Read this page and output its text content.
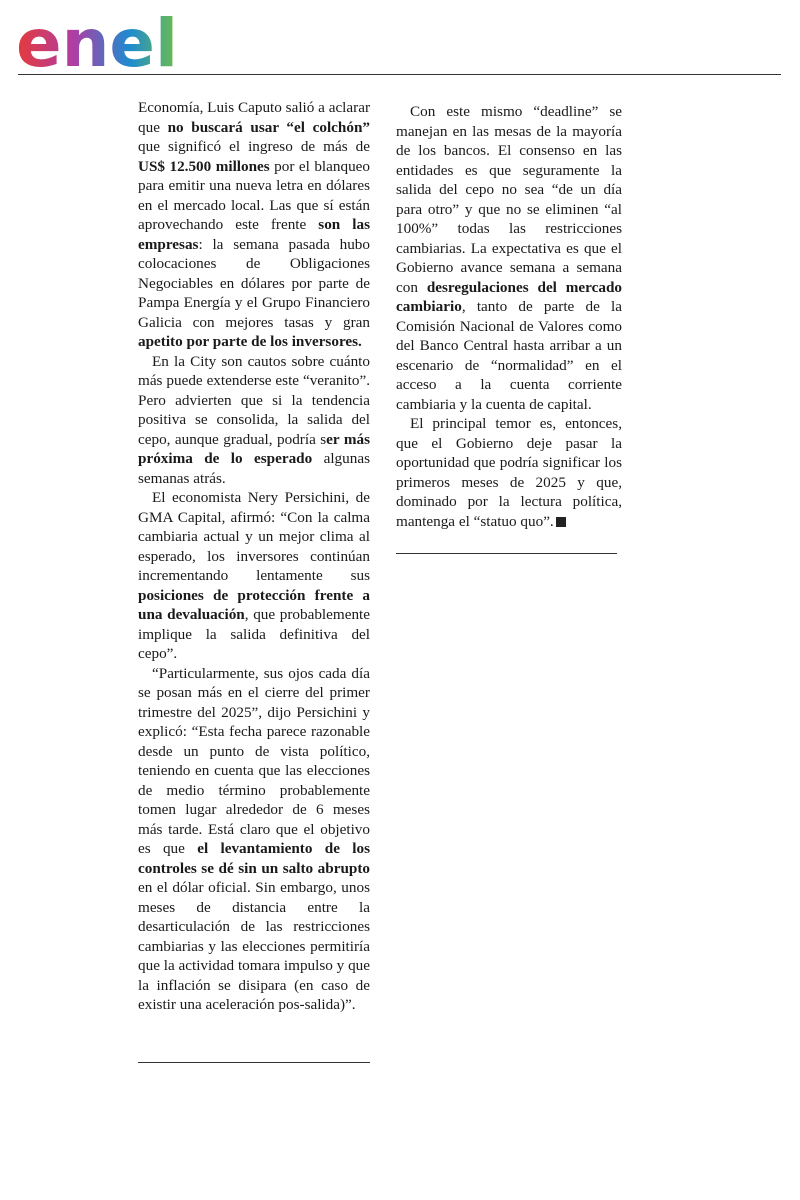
enel

Economía, Luis Caputo salió a aclarar que no buscará usar “el colchón” que significó el ingreso de más de US$ 12.500 millones por el blanqueo para emitir una nueva letra en dólares en el mercado local. Las que sí están aprovechando este frente son las empresas: la semana pasada hubo colocaciones de Obligaciones Negociables en dólares por parte de Pampa Energía y el Grupo Financiero Galicia con mejores tasas y gran apetito por parte de los inversores.

En la City son cautos sobre cuánto más puede extenderse este “veranito”. Pero advierten que si la tendencia positiva se consolida, la salida del cepo, aunque gradual, podría ser más próxima de lo esperado algunas semanas atrás.

El economista Nery Persichini, de GMA Capital, afirmó: “Con la calma cambiaria actual y un mejor clima al esperado, los inversores continúan incrementando lentamente sus posiciones de protección frente a una devaluación, que probablemente implique la salida definitiva del cepo”.

“Particularmente, sus ojos cada día se posan más en el cierre del primer trimestre del 2025”, dijo Persichini y explicó: “Esta fecha parece razonable desde un punto de vista político, teniendo en cuenta que las elecciones de medio término probablemente tomen lugar alrededor de 6 meses más tarde. Está claro que el objetivo es que el levantamiento de los controles se dé sin un salto abrupto en el dólar oficial. Sin embargo, unos meses de distancia entre la desarticulación de las restricciones cambiarias y las elecciones permitiría que la actividad tomara impulso y que la inflación se disipara (en caso de existir una aceleración pos-salida)”.

Con este mismo “deadline” se manejan en las mesas de la mayoría de los bancos. El consenso en las entidades es que seguramente la salida del cepo no sea “de un día para otro” y que no se eliminen “al 100%” todas las restricciones cambiarias. La expectativa es que el Gobierno avance semana a semana con desregulaciones del mercado cambiario, tanto de parte de la Comisión Nacional de Valores como del Banco Central hasta arribar a un escenario de “normalidad” en el acceso a la cuenta corriente cambiaria y la cuenta de capital.

El principal temor es, entonces, que el Gobierno deje pasar la oportunidad que podría significar los primeros meses de 2025 y que, dominado por la lectura política, mantenga el “statuo quo”.
